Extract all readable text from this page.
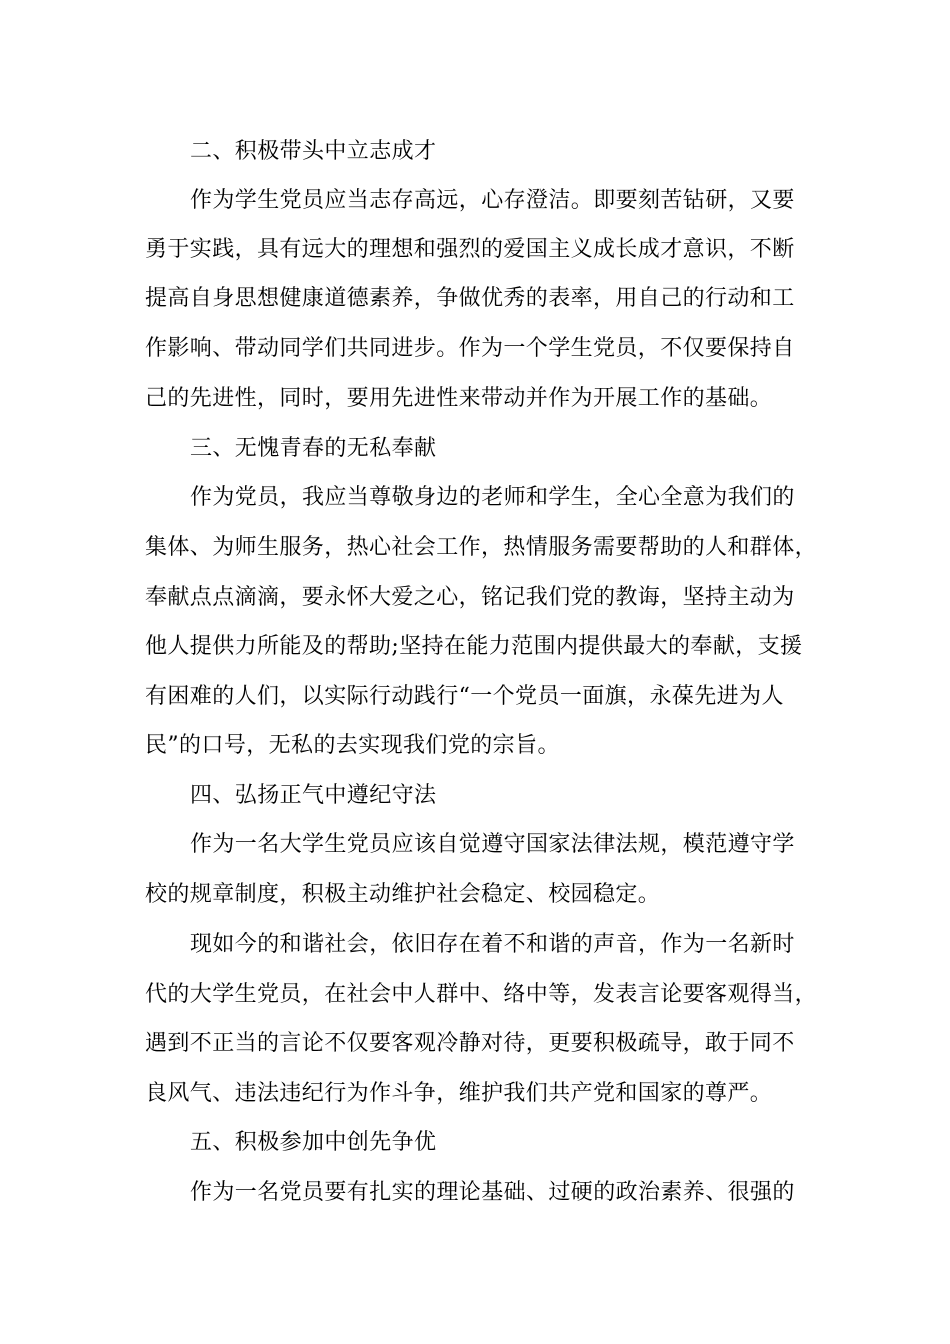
二、积极带头中立志成才
作为学生党员应当志存高远，心存澄洁。即要刻苦钻研，又要
勇于实践，具有远大的理想和强烈的爱国主义成长成才意识，不断
提高自身思想健康道德素养，争做优秀的表率，用自己的行动和工
作影响、带动同学们共同进步。作为一个学生党员，不仅要保持自
己的先进性，同时，要用先进性来带动并作为开展工作的基础。
三、无愧青春的无私奉献
作为党员，我应当尊敬身边的老师和学生，全心全意为我们的
集体、为师生服务，热心社会工作，热情服务需要帮助的人和群体，
奉献点点滴滴，要永怀大爱之心，铭记我们党的教诲，坚持主动为
他人提供力所能及的帮助;坚持在能力范围内提供最大的奉献，支援
有困难的人们，以实际行动践行“一个党员一面旗，永葆先进为人
民”的口号，无私的去实现我们党的宗旨。
四、弘扬正气中遵纪守法
作为一名大学生党员应该自觉遵守国家法律法规，模范遵守学
校的规章制度，积极主动维护社会稳定、校园稳定。
现如今的和谐社会，依旧存在着不和谐的声音，作为一名新时
代的大学生党员，在社会中人群中、络中等，发表言论要客观得当，
遇到不正当的言论不仅要客观冷静对待，更要积极疏导，敢于同不
良风气、违法违纪行为作斗争，维护我们共产党和国家的尊严。
五、积极参加中创先争优
作为一名党员要有扎实的理论基础、过硬的政治素养、很强的
